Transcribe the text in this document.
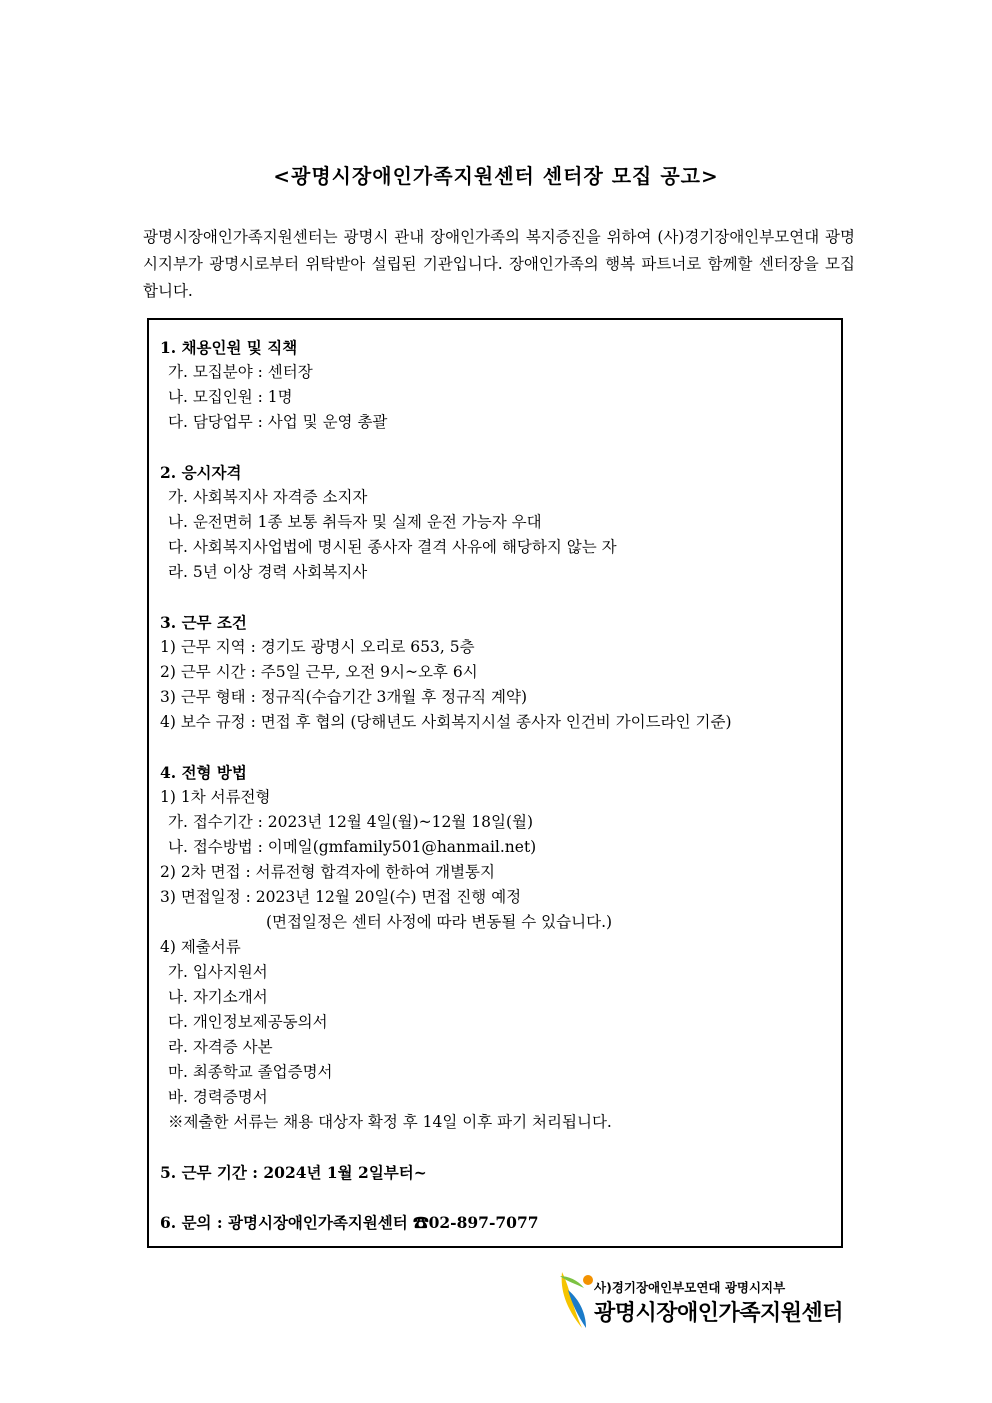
<광명시장애인가족지원센터 센터장 모집 공고>
광명시장애인가족지원센터는 광명시 관내 장애인가족의 복지증진을 위하여 (사)경기장애인부모연대 광명시지부가 광명시로부터 위탁받아 설립된 기관입니다. 장애인가족의 행복 파트너로 함께할 센터장을 모집합니다.
1. 채용인원 및 직책
가. 모집분야 : 센터장
나. 모집인원 : 1명
다. 담당업무 : 사업 및 운영 총괄
2. 응시자격
가. 사회복지사 자격증 소지자
나. 운전면허 1종 보통 취득자 및 실제 운전 가능자 우대
다. 사회복지사업법에 명시된 종사자 결격 사유에 해당하지 않는 자
라. 5년 이상 경력 사회복지사
3. 근무 조건
1) 근무 지역 : 경기도 광명시 오리로 653, 5층
2) 근무 시간 : 주5일 근무, 오전 9시~오후 6시
3) 근무 형태 : 정규직(수습기간 3개월 후 정규직 계약)
4) 보수 규정 : 면접 후 협의 (당해년도 사회복지시설 종사자 인건비 가이드라인 기준)
4. 전형 방법
1) 1차 서류전형
가. 접수기간 : 2023년 12월 4일(월)~12월 18일(월)
나. 접수방법 : 이메일(gmfamily501@hanmail.net)
2) 2차 면접 : 서류전형 합격자에 한하여 개별통지
3) 면접일정 : 2023년 12월 20일(수) 면접 진행 예정
(면접일정은 센터 사정에 따라 변동될 수 있습니다.)
4) 제출서류
가. 입사지원서
나. 자기소개서
다. 개인정보제공동의서
라. 자격증 사본
마. 최종학교 졸업증명서
바. 경력증명서
※제출한 서류는 채용 대상자 확정 후 14일 이후 파기 처리됩니다.
5. 근무 기간 : 2024년 1월 2일부터~
6. 문의 : 광명시장애인가족지원센터 ☎02-897-7077
사)경기장애인부모연대 광명시지부
광명시장애인가족지원센터
